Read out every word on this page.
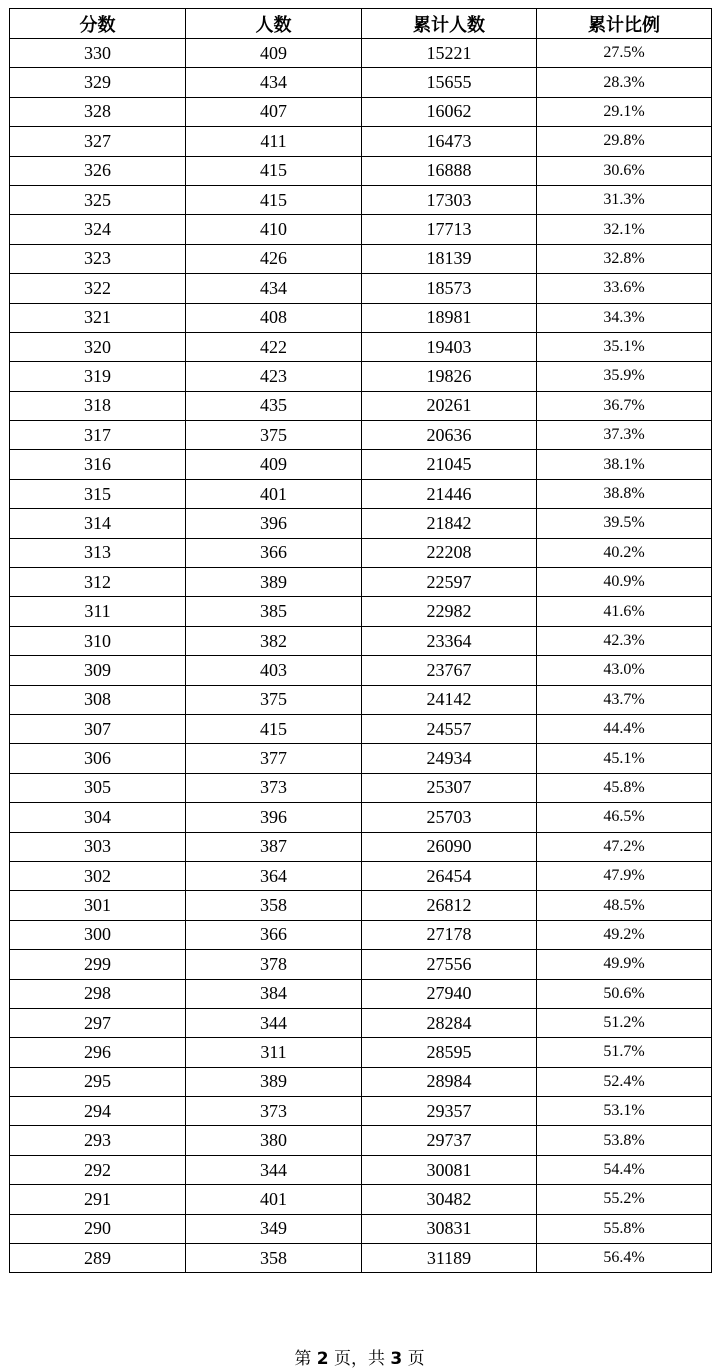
分数	人数	累计人数	累计比例
330	409	15221	27.5%
329	434	15655	28.3%
328	407	16062	29.1%
327	411	16473	29.8%
326	415	16888	30.6%
325	415	17303	31.3%
324	410	17713	32.1%
323	426	18139	32.8%
322	434	18573	33.6%
321	408	18981	34.3%
320	422	19403	35.1%
319	423	19826	35.9%
318	435	20261	36.7%
317	375	20636	37.3%
316	409	21045	38.1%
315	401	21446	38.8%
314	396	21842	39.5%
313	366	22208	40.2%
312	389	22597	40.9%
311	385	22982	41.6%
310	382	23364	42.3%
309	403	23767	43.0%
308	375	24142	43.7%
307	415	24557	44.4%
306	377	24934	45.1%
305	373	25307	45.8%
304	396	25703	46.5%
303	387	26090	47.2%
302	364	26454	47.9%
301	358	26812	48.5%
300	366	27178	49.2%
299	378	27556	49.9%
298	384	27940	50.6%
297	344	28284	51.2%
296	311	28595	51.7%
295	389	28984	52.4%
294	373	29357	53.1%
293	380	29737	53.8%
292	344	30081	54.4%
291	401	30482	55.2%
290	349	30831	55.8%
289	358	31189	56.4%
第 2 页，共 3 页
